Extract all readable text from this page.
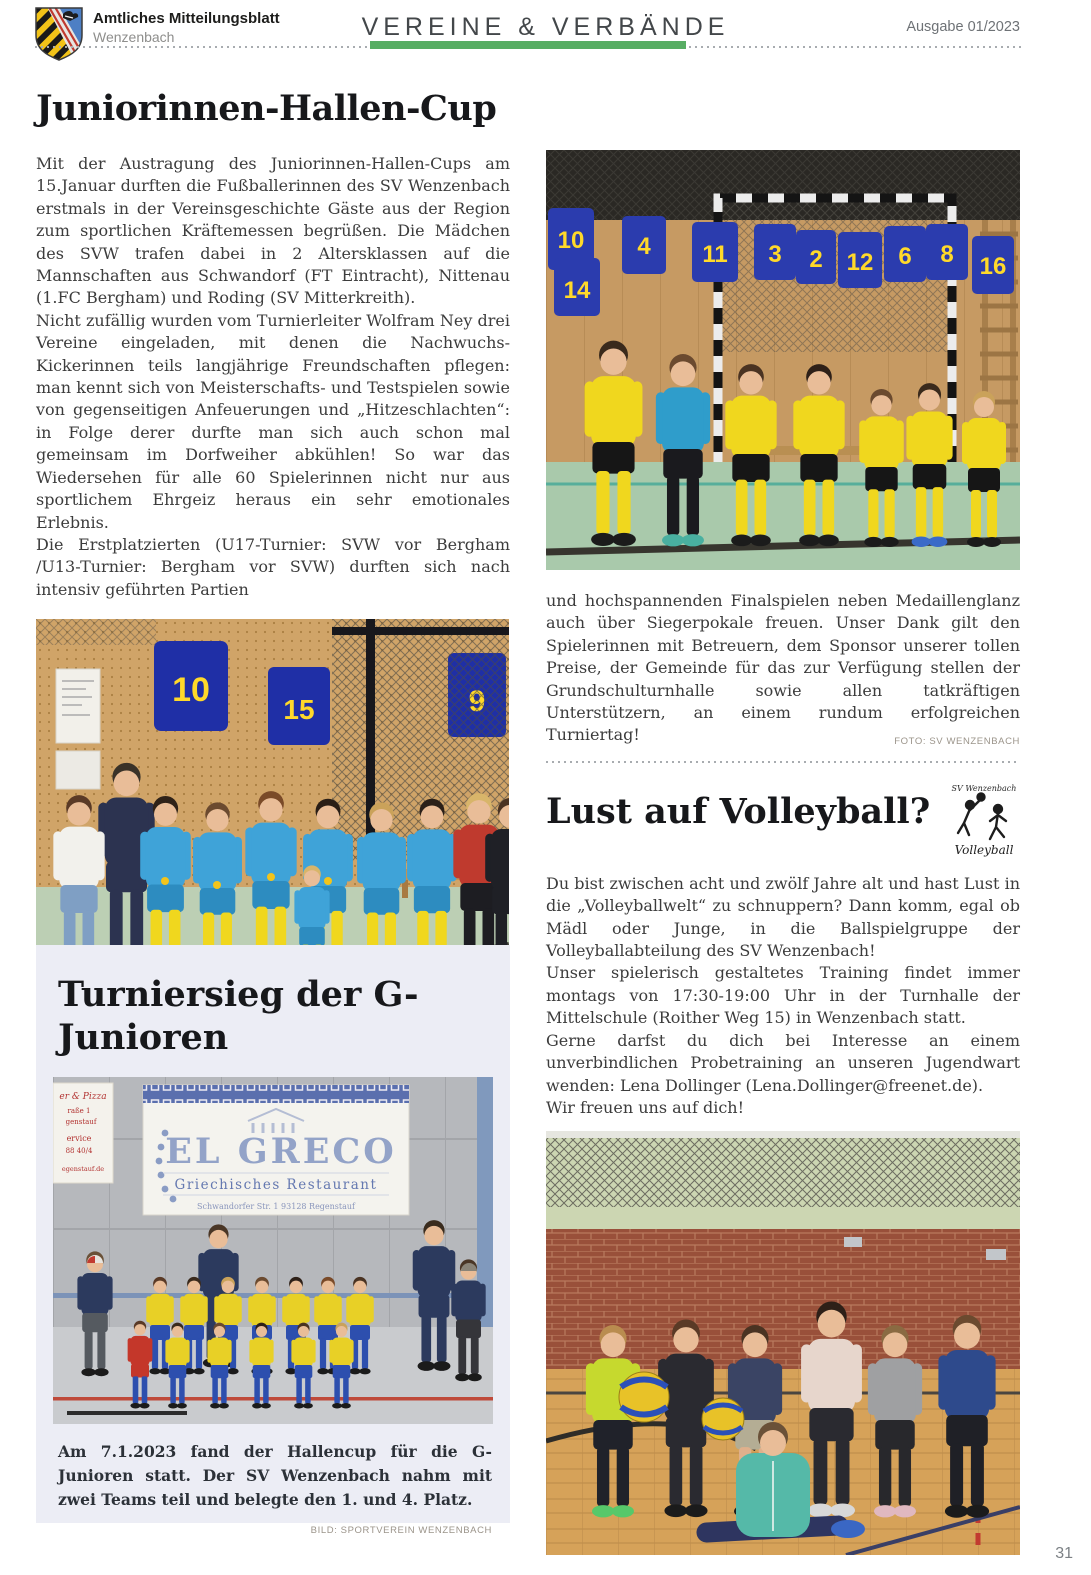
Amtliches Mitteilungsblatt
Wenzenbach	VEREINE & VERBÄNDE	Ausgabe 01/2023
Juniorinnen-Hallen-Cup

Mit der Austragung des Juniorinnen-Hallen-Cups am 15.Januar durften die Fußballerinnen des SV Wenzenbach erstmals in der Vereinsgeschichte Gäste aus der Region zum sportlichen Kräftemessen begrüßen. Die Mädchen des SVW trafen dabei in 2 Altersklassen auf die Mannschaften aus Schwandorf (FT Eintracht), Nittenau (1.FC Bergham) und Roding (SV Mitterkreith).

Nicht zufällig wurden vom Turnierleiter Wolfram Ney drei Vereine eingeladen, mit denen die Nachwuchs-Kickerinnen teils langjährige Freundschaften pflegen: man kennt sich von Meisterschafts- und Testspielen sowie von gegenseitigen Anfeuerungen und „Hitzeschlachten“: in Folge derer durfte man sich auch schon mal gemeinsam im Dorfweiher abkühlen! So war das Wiedersehen für alle 60 Spielerinnen nicht nur aus sportlichem Ehrgeiz heraus ein sehr emotionales Erlebnis.

Die Erstplatzierten (U17-Turnier: SVW vor Bergham /U13-Turnier: Bergham vor SVW) durften sich nach intensiv geführten Partien

10
15
Turniersieg der G-Junioren
er & Pizza
raße 1
genstauf
ervice
88 40/4
egenstauf.de EL GRECO
Griechisches Restaurant
Schwandorfer Str. 1 93128 Regenstauf

Am 7.1.2023 fand der Hallencup für die G-Junioren statt. Der SV Wenzenbach nahm mit zwei Teams teil und belegte den 1. und 4. Platz.
BILD: SPORTVEREIN WENZENBACH

10
14
4 11 3 2 12 6 8 16

und hochspannenden Finalspielen neben Medaillenglanz auch über Siegerpokale freuen. Unser Dank gilt den Spielerinnen mit Betreuern, dem Sponsor unserer tollen Preise, der Gemeinde für das zur Verfügung stellen der Grundschulturnhalle sowie allen tatkräftigen Unterstützern, an einem rundum erfolgreichen Turniertag!	FOTO: SV WENZENBACH

Lust auf Volleyball?
SV Wenzenbach
Volleyball

Du bist zwischen acht und zwölf Jahre alt und hast Lust in die „Volleyballwelt“ zu schnuppern? Dann komm, egal ob Mädl oder Junge, in die Ballspielgruppe der Volleyballabteilung des SV Wenzenbach!

Unser spielerisch gestaltetes Training findet immer montags von 17:30-19:00 Uhr in der Turnhalle der Mittelschule (Roither Weg 15) in Wenzenbach statt.

Gerne darfst du dich bei Interesse an einem unverbindlichen Probetraining an unseren Jugendwart wenden: Lena Dollinger (Lena.Dollinger@freenet.de).

Wir freuen uns auf dich!

31
